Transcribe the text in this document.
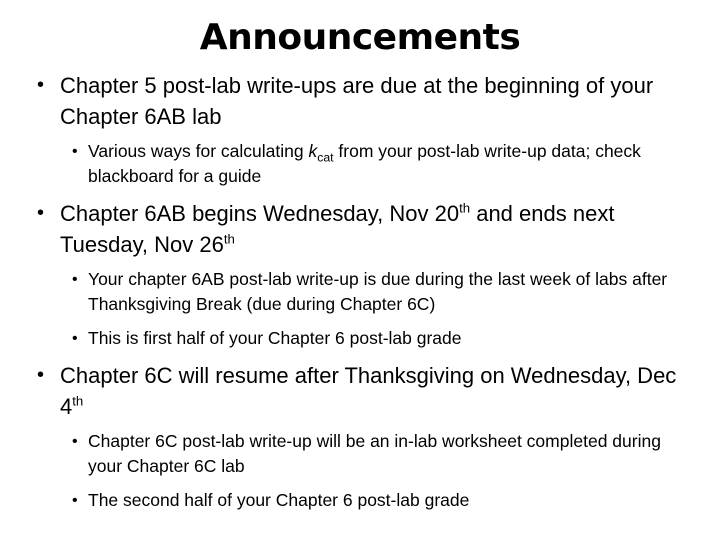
Announcements
• Chapter 5 post-lab write-ups are due at the beginning of your Chapter 6AB lab
• Various ways for calculating $k_{cat}$ from your post-lab write-up data; check blackboard for a guide
• Chapter 6AB begins Wednesday, Nov 20th and ends next Tuesday, Nov 26th
• Your chapter 6AB post-lab write-up is due during the last week of labs after Thanksgiving Break (due during Chapter 6C)
• This is first half of your Chapter 6 post-lab grade
• Chapter 6C will resume after Thanksgiving on Wednesday, Dec 4th
• Chapter 6C post-lab write-up will be an in-lab worksheet completed during your Chapter 6C lab
• The second half of your Chapter 6 post-lab grade
